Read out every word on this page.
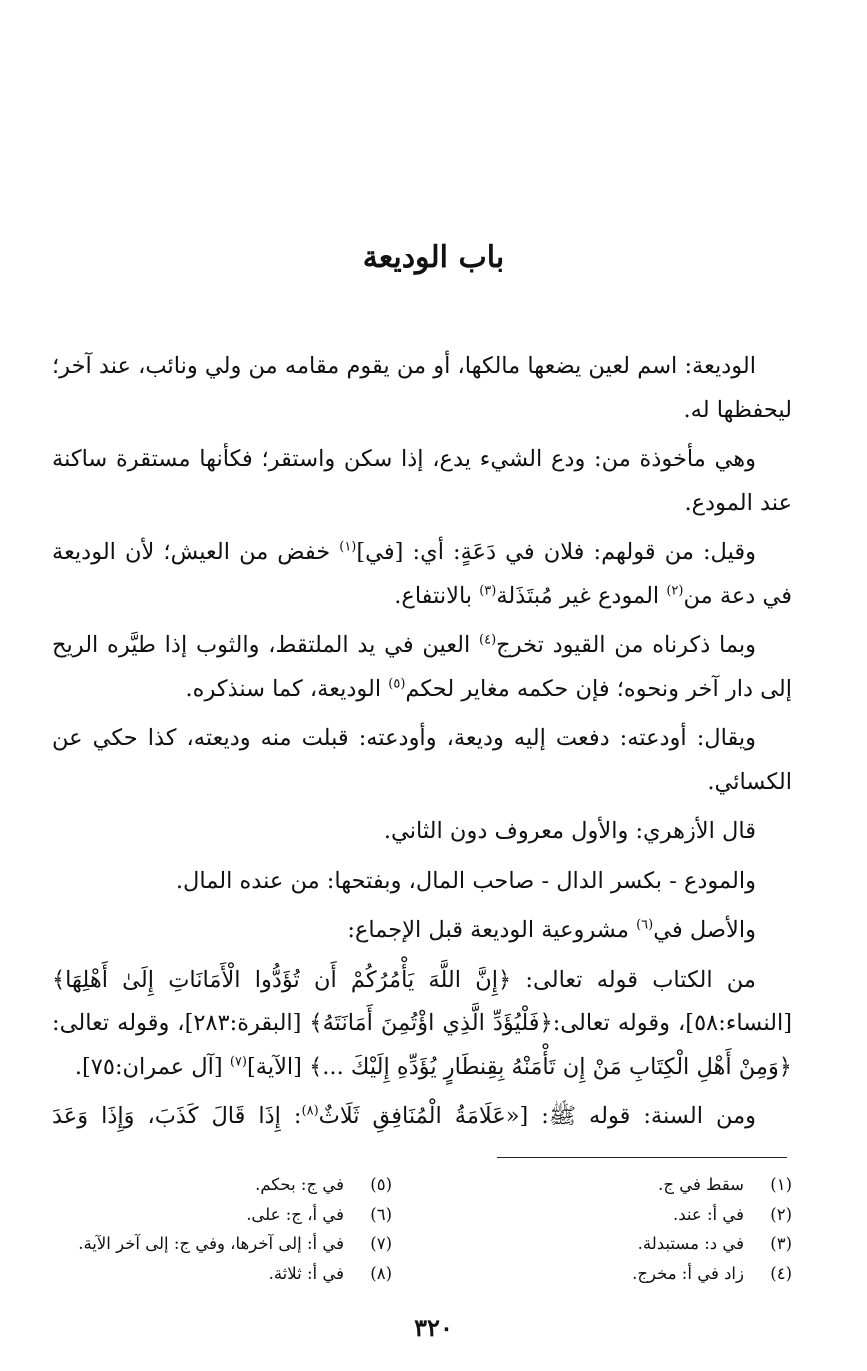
باب الوديعة

الوديعة: اسم لعين يضعها مالكها، أو من يقوم مقامه من ولي ونائب، عند آخر؛ ليحفظها له.

وهي مأخوذة من: ودع الشيء يدع، إذا سكن واستقر؛ فكأنها مستقرة ساكنة عند المودع.

وقيل: من قولهم: فلان في دَعَةٍ: أي: [في]$^{(١)}$ خفض من العيش؛ لأن الوديعة في دعة من$^{(٢)}$ المودع غير مُبتَذَلة$^{(٣)}$ بالانتفاع.

وبما ذكرناه من القيود تخرج$^{(٤)}$ العين في يد الملتقط، والثوب إذا طيَّره الريح إلى دار آخر ونحوه؛ فإن حكمه مغاير لحكم$^{(٥)}$ الوديعة، كما سنذكره.

ويقال: أودعته: دفعت إليه وديعة، وأودعته: قبلت منه وديعته، كذا حكي عن الكسائي.

قال الأزهري: والأول معروف دون الثاني.

والمودع - بكسر الدال - صاحب المال، وبفتحها: من عنده المال.

والأصل في$^{(٦)}$ مشروعية الوديعة قبل الإجماع:

من الكتاب قوله تعالى: ﴿إِنَّ اللَّهَ يَأْمُرُكُمْ أَن تُؤَدُّوا الْأَمَانَاتِ إِلَىٰ أَهْلِهَا﴾ [النساء:٥٨]، وقوله تعالى:﴿فَلْيُؤَدِّ الَّذِي اؤْتُمِنَ أَمَانَتَهُ﴾ [البقرة:٢٨٣]، وقوله تعالى: ﴿وَمِنْ أَهْلِ الْكِتَابِ مَنْ إِن تَأْمَنْهُ بِقِنطَارٍ يُؤَدِّهِ إِلَيْكَ ...﴾ [الآية]$^{(٧)}$ [آل عمران:٧٥].

ومن السنة: قوله ﷺ: [«عَلَامَةُ الْمُنَافِقِ ثَلَاثٌ$^{(٨)}$: إِذَا قَالَ كَذَبَ، وَإِذَا وَعَدَ

(١)
سقط في ج.
(٢)
في أ: عند.
(٣)
في د: مستبدلة.
(٤)
زاد في أ: مخرج.
(٥)
في ج: بحكم.
(٦)
في أ، ج: على.
(٧)
في أ: إلى آخرها، وفي ج: إلى آخر الآية.
(٨)
في أ: ثلاثة.
٣٢٠
